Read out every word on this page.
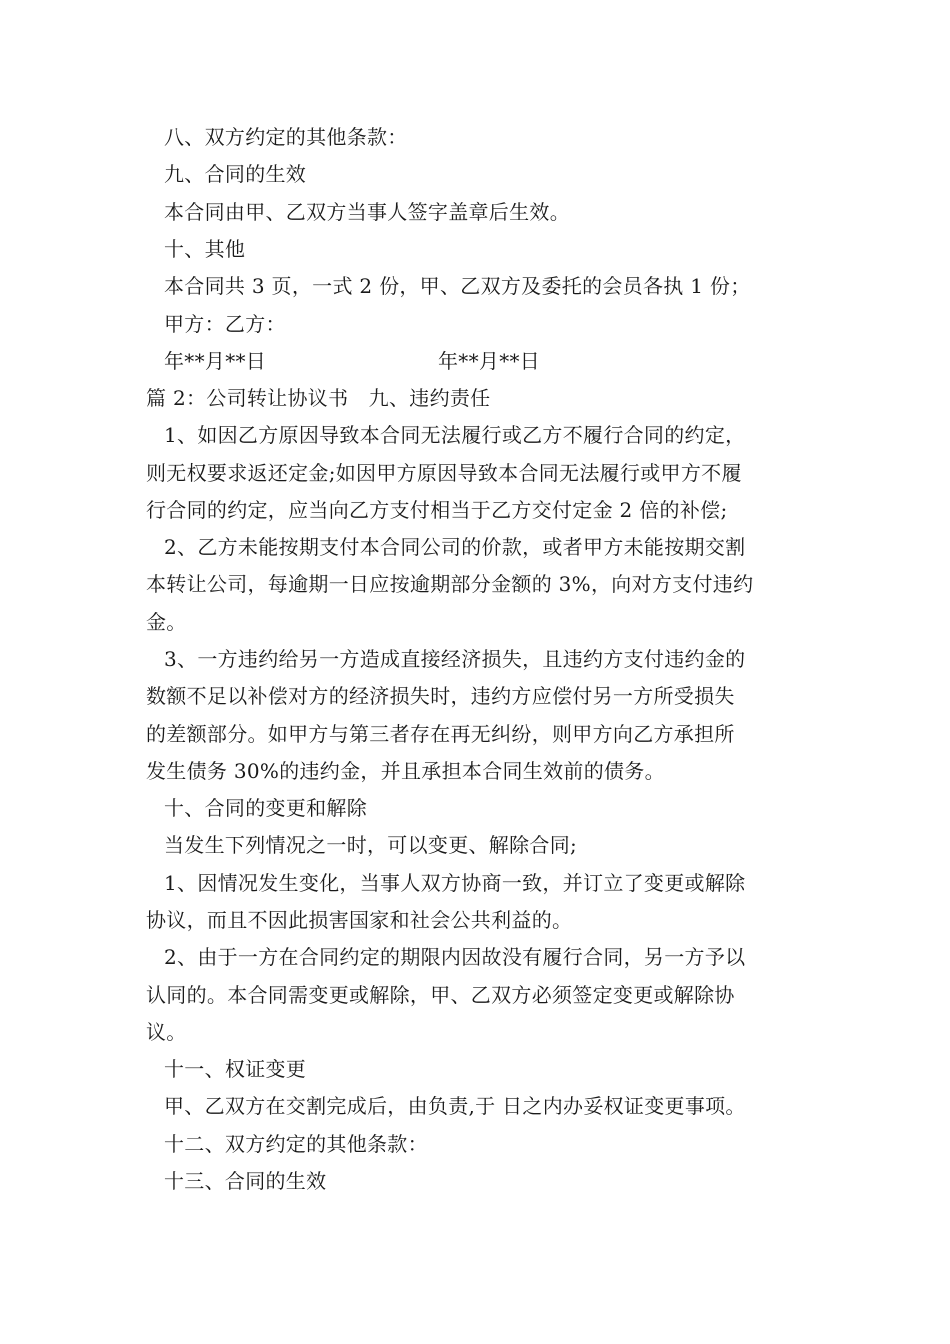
八、双方约定的其他条款：
九、合同的生效
本合同由甲、乙双方当事人签字盖章后生效。
十、其他
本合同共 3 页，一式 2 份，甲、乙双方及委托的会员各执 1 份；
甲方：乙方：
年**月**日	年**月**日
篇 2：公司转让协议书　九、违约责任
1、如因乙方原因导致本合同无法履行或乙方不履行合同的约定，
则无权要求返还定金;如因甲方原因导致本合同无法履行或甲方不履
行合同的约定，应当向乙方支付相当于乙方交付定金 2 倍的补偿;
2、乙方未能按期支付本合同公司的价款，或者甲方未能按期交割
本转让公司，每逾期一日应按逾期部分金额的 3%，向对方支付违约
金。
3、一方违约给另一方造成直接经济损失，且违约方支付违约金的
数额不足以补偿对方的经济损失时，违约方应偿付另一方所受损失
的差额部分。如甲方与第三者存在再无纠纷，则甲方向乙方承担所
发生债务 30%的违约金，并且承担本合同生效前的债务。
十、合同的变更和解除
当发生下列情况之一时，可以变更、解除合同;
1、因情况发生变化，当事人双方协商一致，并订立了变更或解除
协议，而且不因此损害国家和社会公共利益的。
2、由于一方在合同约定的期限内因故没有履行合同，另一方予以
认同的。本合同需变更或解除，甲、乙双方必须签定变更或解除协
议。
十一、权证变更
甲、乙双方在交割完成后，由负责,于 日之内办妥权证变更事项。
十二、双方约定的其他条款：
十三、合同的生效
